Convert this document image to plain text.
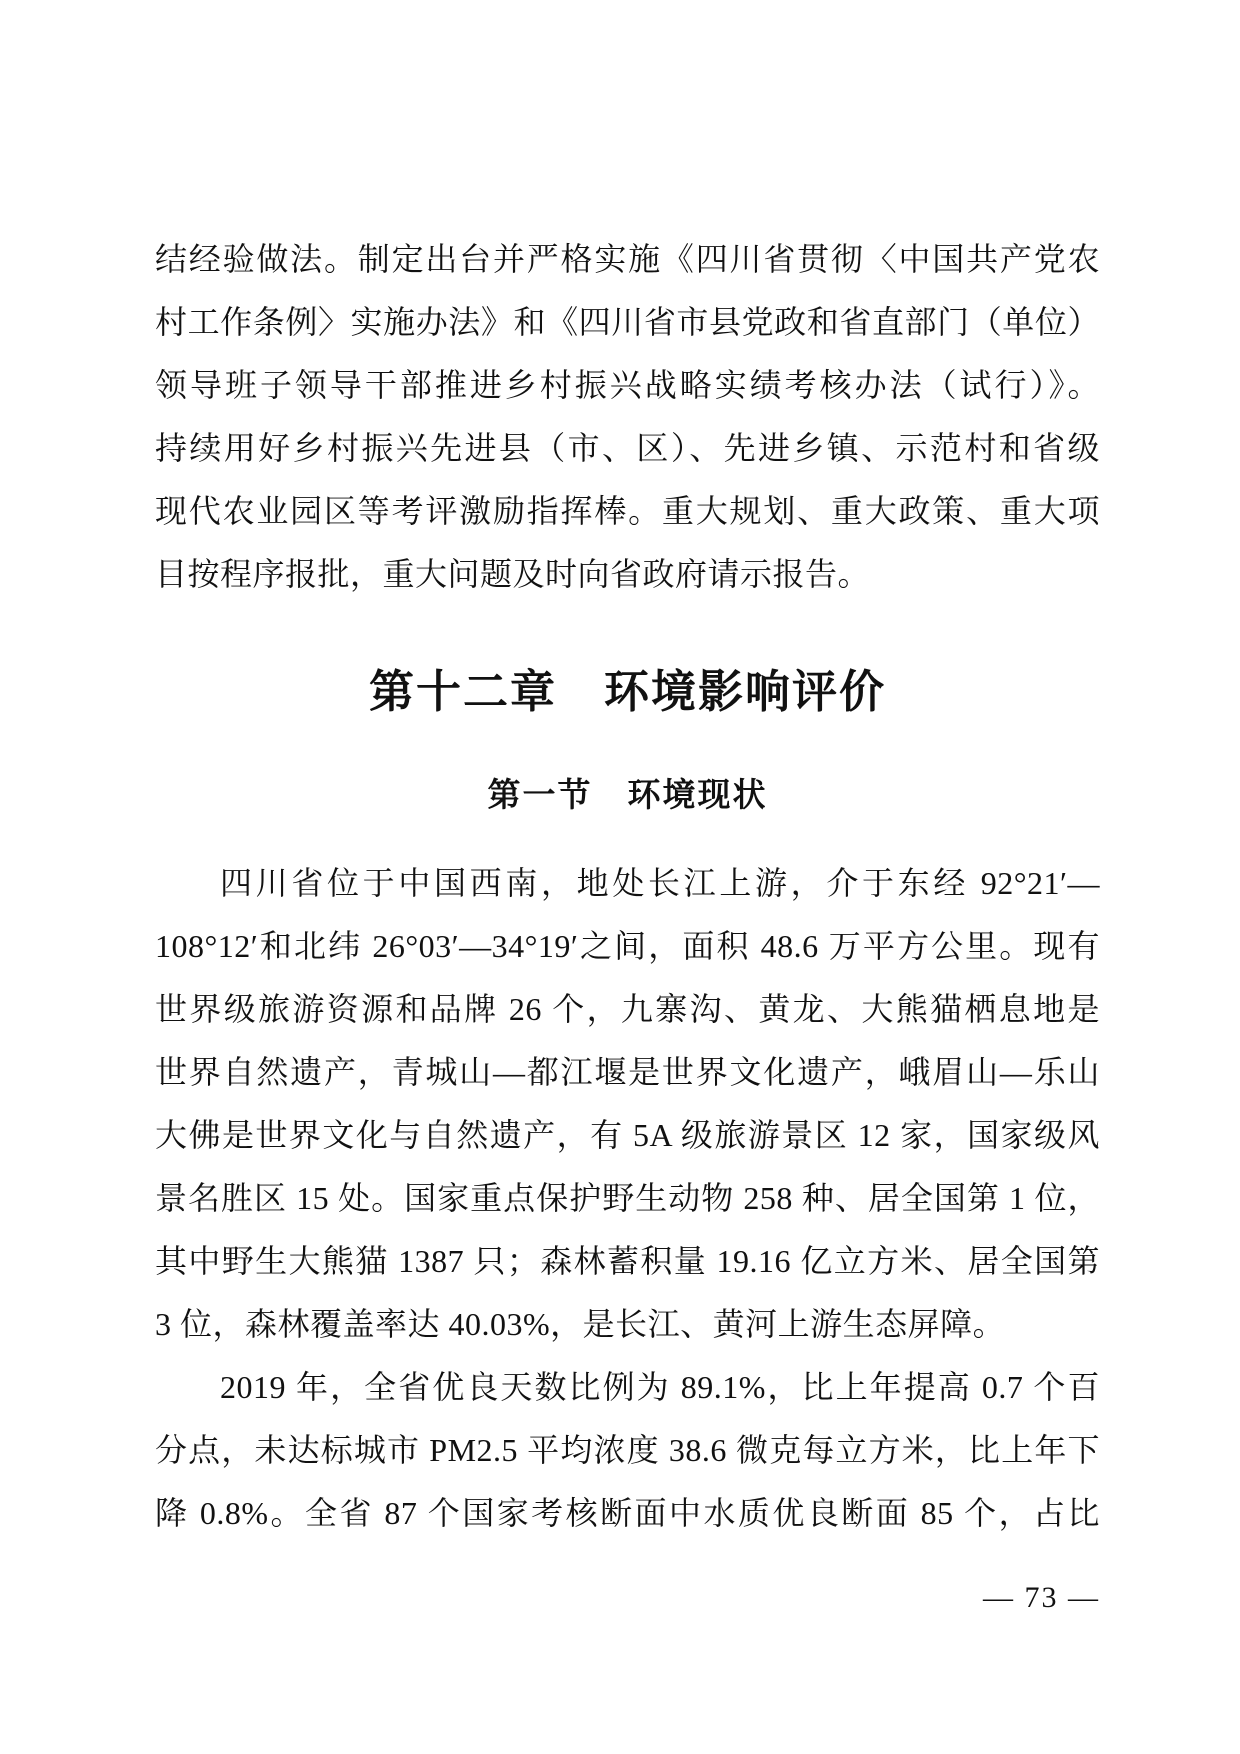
结经验做法。制定出台并严格实施《四川省贯彻〈中国共产党农
村工作条例〉实施办法》和《四川省市县党政和省直部门（单位）
领导班子领导干部推进乡村振兴战略实绩考核办法（试行）》。
持续用好乡村振兴先进县（市、区）、先进乡镇、示范村和省级
现代农业园区等考评激励指挥棒。重大规划、重大政策、重大项
目按程序报批，重大问题及时向省政府请示报告。
第十二章　环境影响评价
第一节　环境现状
四川省位于中国西南，地处长江上游，介于东经 92°21′—
108°12′和北纬 26°03′—34°19′之间，面积 48.6 万平方公里。现有
世界级旅游资源和品牌 26 个，九寨沟、黄龙、大熊猫栖息地是
世界自然遗产，青城山—都江堰是世界文化遗产，峨眉山—乐山
大佛是世界文化与自然遗产，有 5A 级旅游景区 12 家，国家级风
景名胜区 15 处。国家重点保护野生动物 258 种、居全国第 1 位，
其中野生大熊猫 1387 只；森林蓄积量 19.16 亿立方米、居全国第
3 位，森林覆盖率达 40.03%，是长江、黄河上游生态屏障。
2019 年，全省优良天数比例为 89.1%，比上年提高 0.7 个百
分点，未达标城市 PM2.5 平均浓度 38.6 微克每立方米，比上年下
降 0.8%。全省 87 个国家考核断面中水质优良断面 85 个，占比
— 73 —
